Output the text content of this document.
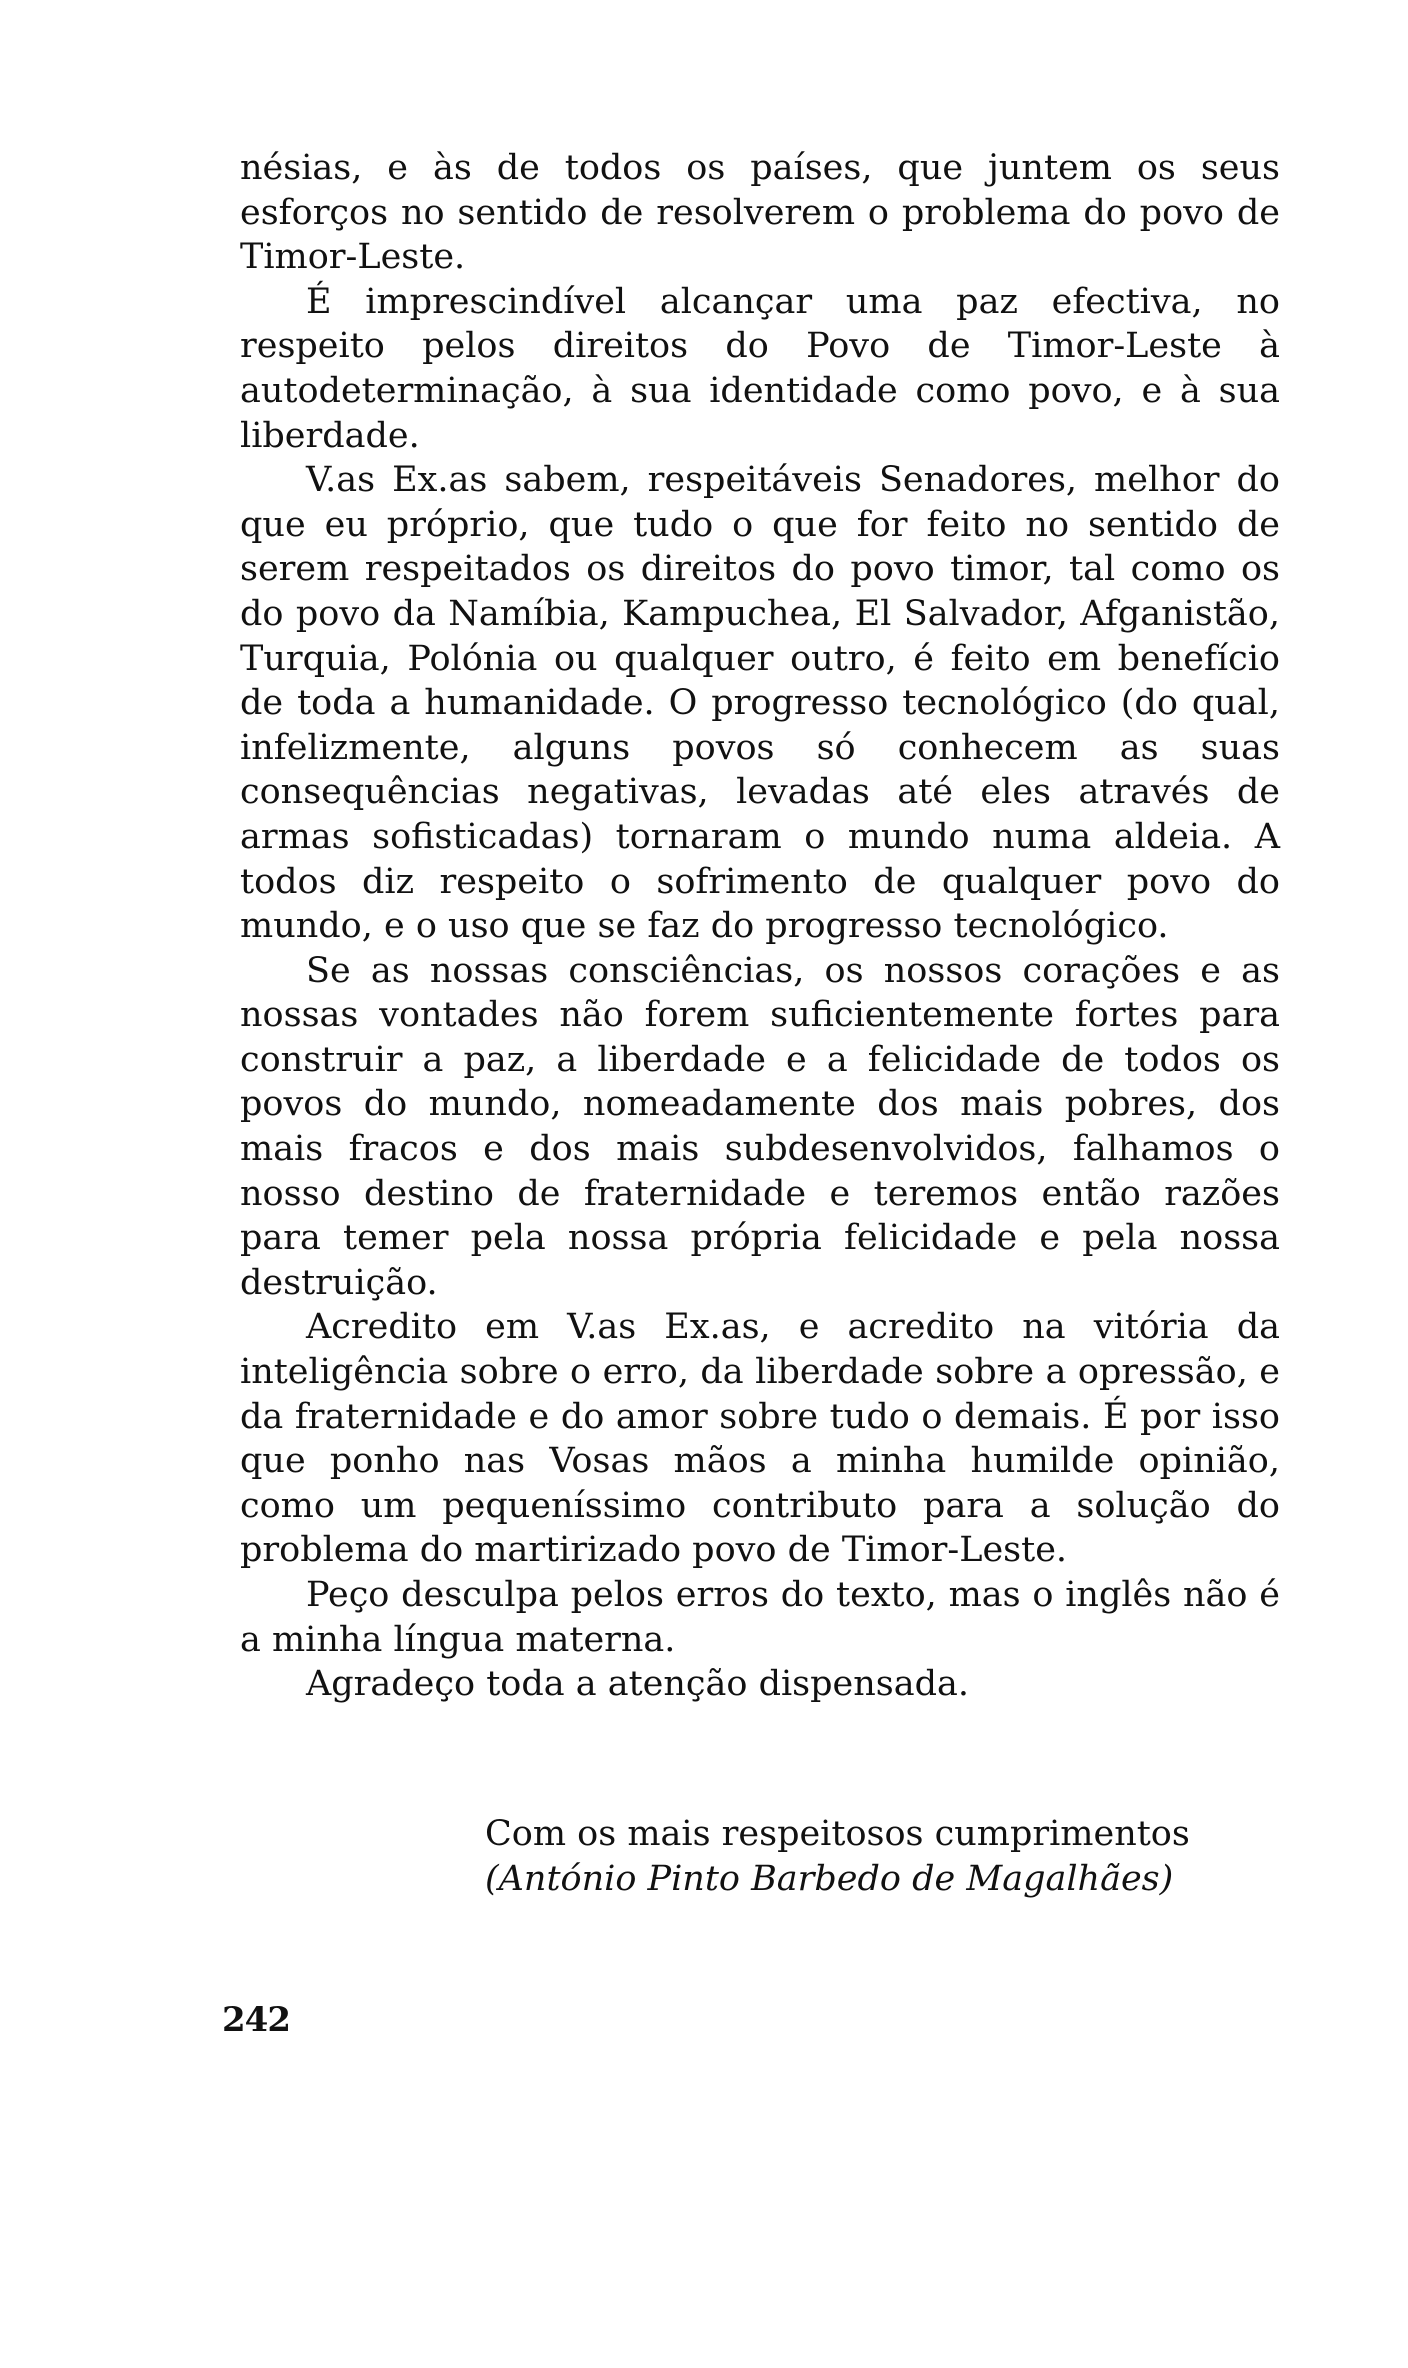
nésias, e às de todos os países, que juntem os seus esforços no sentido de resolverem o problema do povo de Timor-Leste.

É imprescindível alcançar uma paz efectiva, no respeito pelos direitos do Povo de Timor-Leste à autodeterminação, à sua identidade como povo, e à sua liberdade.

V.as Ex.as sabem, respeitáveis Senadores, melhor do que eu próprio, que tudo o que for feito no sentido de serem respeitados os direitos do povo timor, tal como os do povo da Namíbia, Kampuchea, El Salvador, Afganistão, Turquia, Polónia ou qualquer outro, é feito em benefício de toda a humanidade. O progresso tecnológico (do qual, infelizmente, alguns povos só conhecem as suas consequências negativas, levadas até eles através de armas sofisticadas) tornaram o mundo numa aldeia. A todos diz respeito o sofrimento de qualquer povo do mundo, e o uso que se faz do progresso tecnológico.

Se as nossas consciências, os nossos corações e as nossas vontades não forem suficientemente fortes para construir a paz, a liberdade e a felicidade de todos os povos do mundo, nomeadamente dos mais pobres, dos mais fracos e dos mais subdesenvolvidos, falhamos o nosso destino de fraternidade e teremos então razões para temer pela nossa própria felicidade e pela nossa destruição.

Acredito em V.as Ex.as, e acredito na vitória da inteligência sobre o erro, da liberdade sobre a opressão, e da fraternidade e do amor sobre tudo o demais. É por isso que ponho nas Vosas mãos a minha humilde opinião, como um pequeníssimo contributo para a solução do problema do martirizado povo de Timor-Leste.

Peço desculpa pelos erros do texto, mas o inglês não é a minha língua materna.

Agradeço toda a atenção dispensada.

Com os mais respeitosos cumprimentos
(António Pinto Barbedo de Magalhães)
242
